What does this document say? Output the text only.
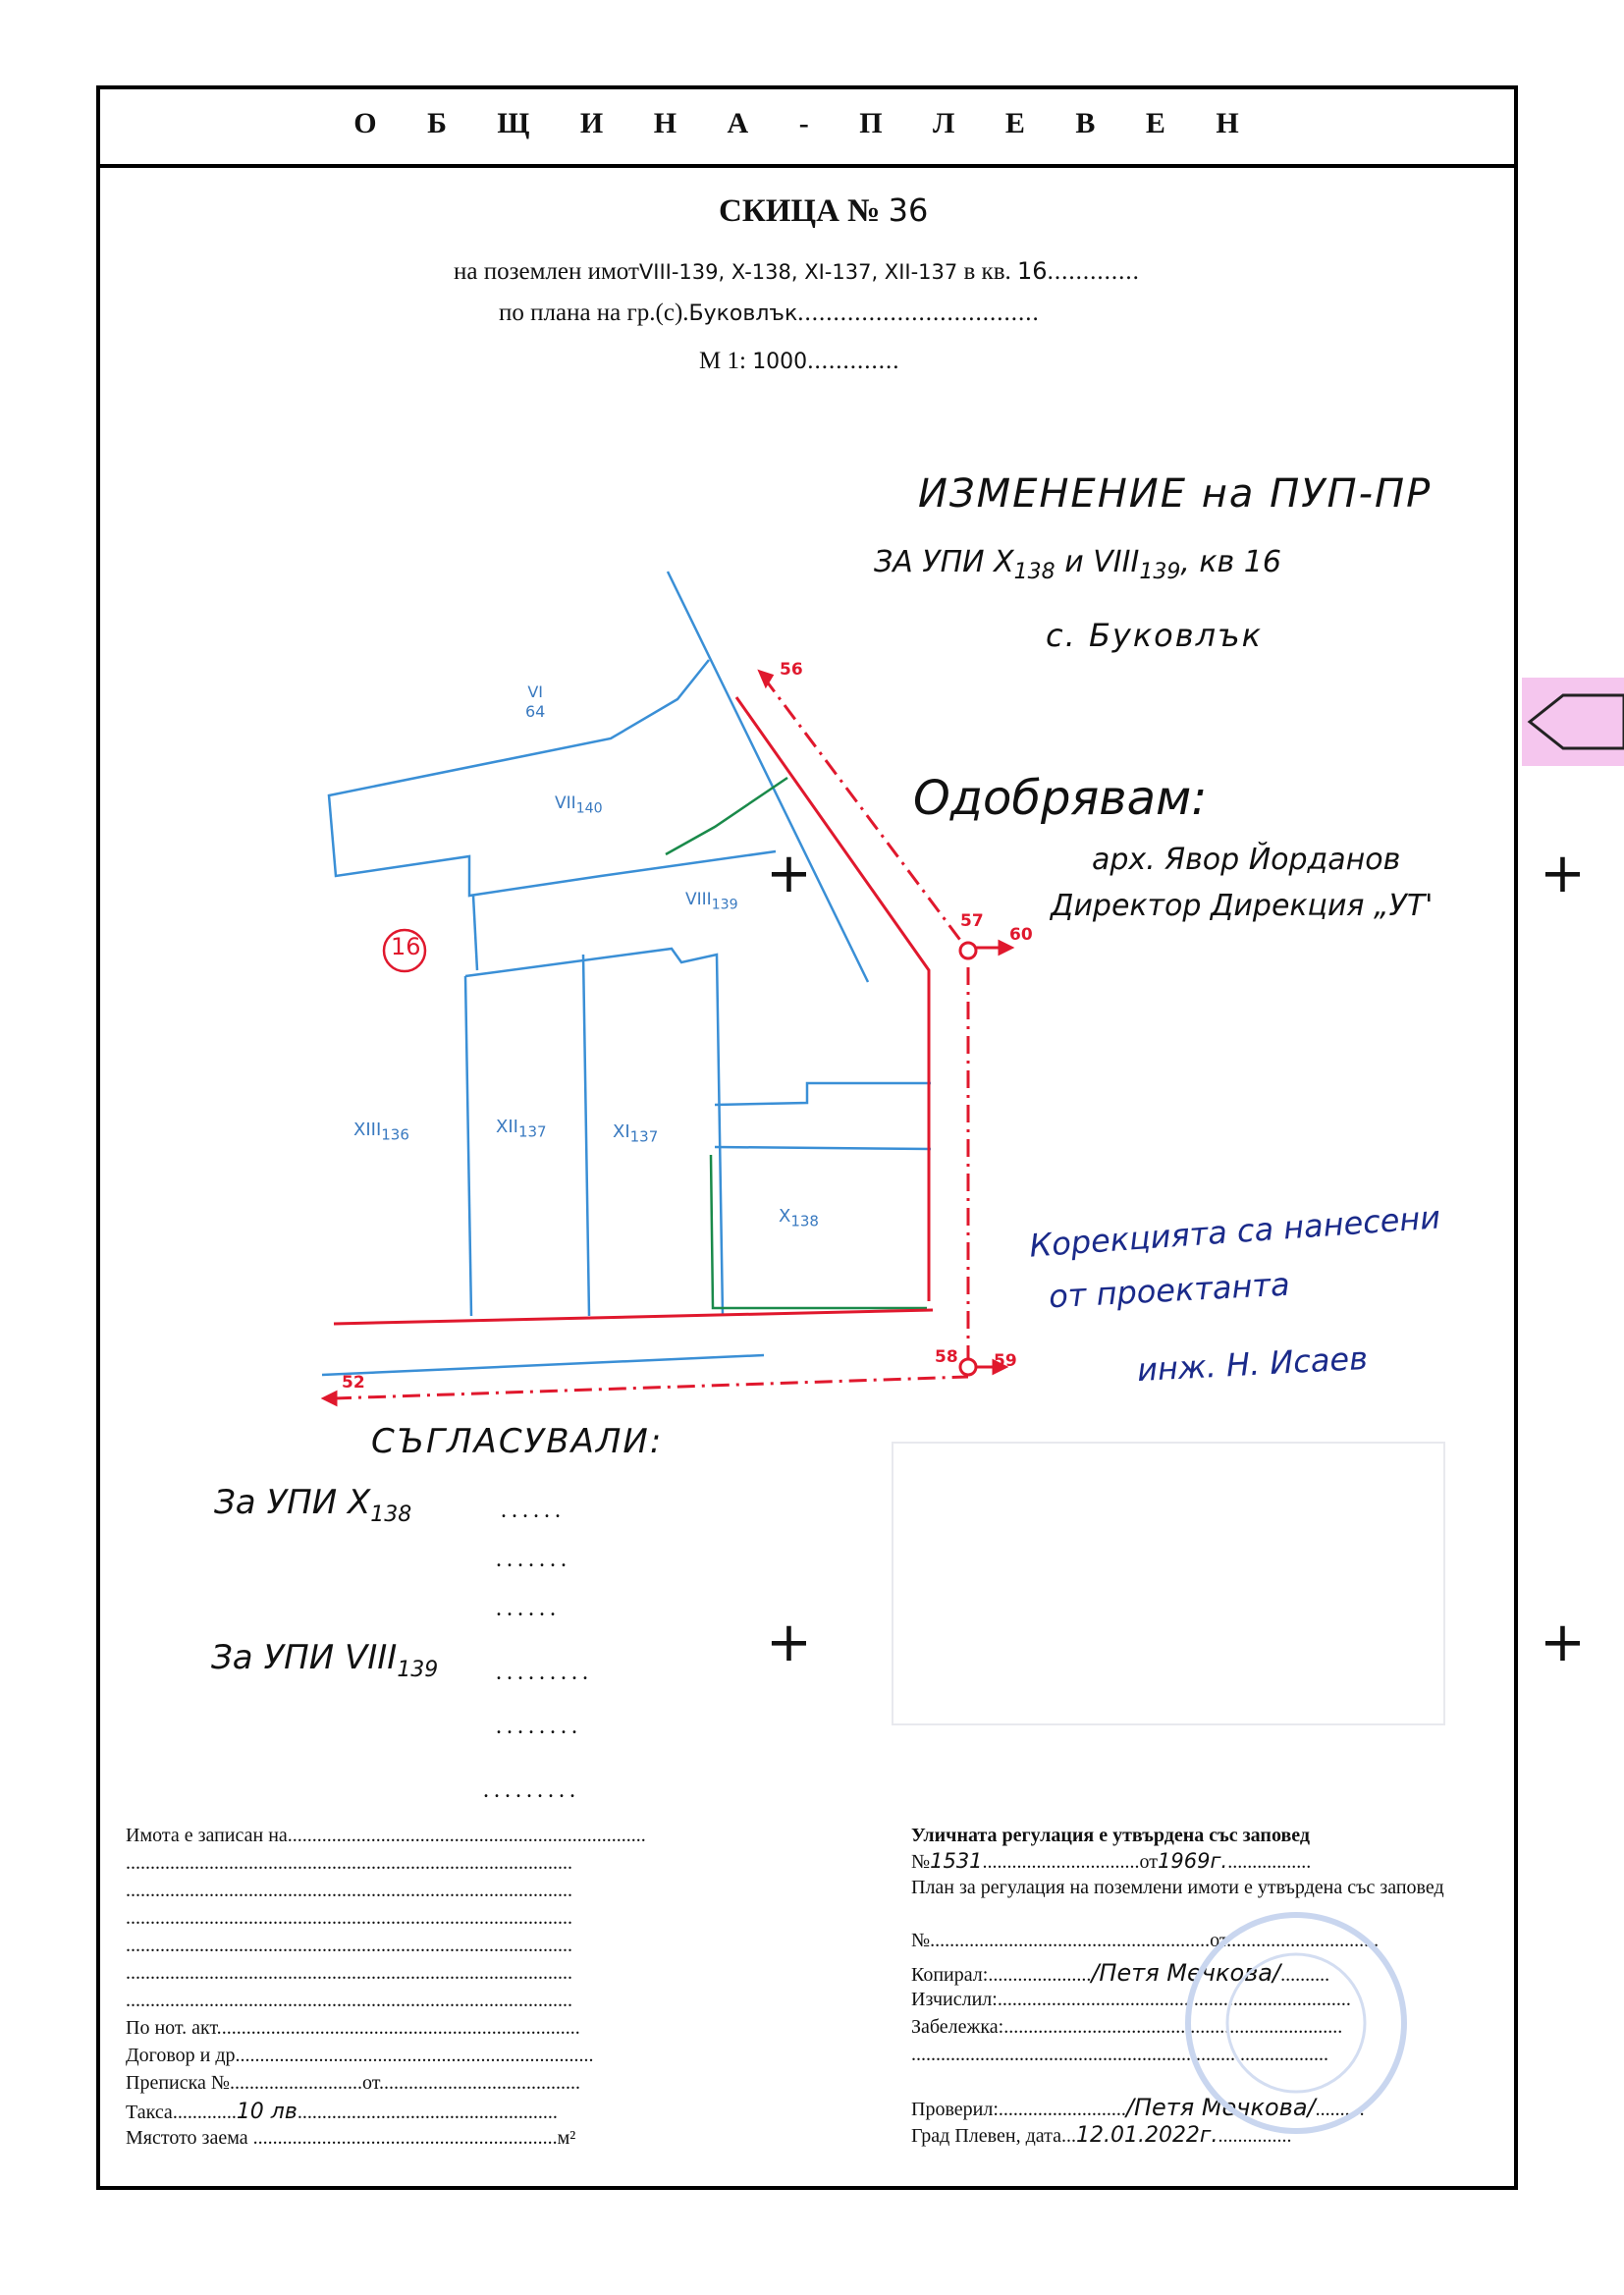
О Б Щ И Н А - П Л Е В Е Н
СКИЦА № 36
на поземлен имотVIII-139, X-138, XI-137, XII-137 в кв. 16.............
по плана на гр.(с).Буковлък..................................
М 1: 1000.............
ИЗМЕНЕНИЕ на ПУП-ПР
ЗА УПИ $X_{138}$ и $VIII_{139}$, кв 16
с. Буковлък
Одобрявам:
арх. Явор Йорданов
Директор Дирекция „УТ'
Корекцията са нанесени
от проектанта
инж. Н. Исаев
+	+
+	+
16
VI
64
$VII_{140}$
$VIII_{139}$
$XIII_{136}$	$XII_{137}$	$XI_{137}$
$X_{138}$
56
57
60
58 59
52
СЪГЛАСУВАЛИ:
За УПИ $X_{138}$	......
.......
......
За УПИ $VIII_{139}$ .........
........
.........
Имота е записан на.........................................................................
...........................................................................................
...........................................................................................
...........................................................................................
...........................................................................................
...........................................................................................
...........................................................................................
По нот. акт..........................................................................
Договор и др.........................................................................
Преписка №...........................от.........................................
Такса.............10 лв.....................................................
Мястото заема ..............................................................м²
Уличната регулация е утвърдена със заповед
№1531................................от1969г..................
План за регулация на поземлени имоти е утвърдена със заповед
№.........................................................от...............................
Копирал:...................../Петя Мечкова/..........
Изчислил:........................................................................
Забележка:.....................................................................
.....................................................................................
Проверил:........................../Петя Мечкова/..........
Град Плевен, дата...12.01.2022г................
